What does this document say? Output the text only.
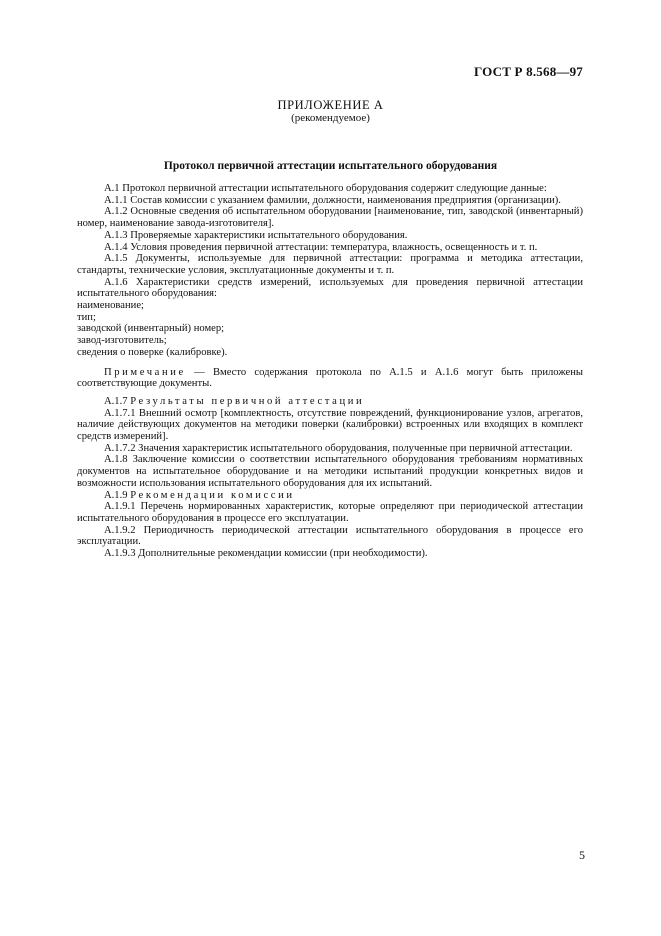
ГОСТ Р 8.568—97
ПРИЛОЖЕНИЕ А
(рекомендуемое)
Протокол первичной аттестации испытательного оборудования

А.1 Протокол первичной аттестации испытательного оборудования содержит следующие данные:

А.1.1 Состав комиссии с указанием фамилии, должности, наименования предприятия (организации).

А.1.2 Основные сведения об испытательном оборудовании [наименование, тип, заводской (инвентарный) номер, наименование завода-изготовителя].

А.1.3 Проверяемые характеристики испытательного оборудования.

А.1.4 Условия проведения первичной аттестации: температура, влажность, освещенность и т. п.

А.1.5 Документы, используемые для первичной аттестации: программа и методика аттестации, стандарты, технические условия, эксплуатационные документы и т. п.

А.1.6 Характеристики средств измерений, используемых для проведения первичной аттестации испытательного оборудования:

наименование;

тип;

заводской (инвентарный) номер;

завод-изготовитель;

сведения о поверке (калибровке).

Примечание — Вместо содержания протокола по А.1.5 и А.1.6 могут быть приложены соответствующие документы.

А.1.7 Результаты первичной аттестации

А.1.7.1 Внешний осмотр [комплектность, отсутствие повреждений, функционирование узлов, агрегатов, наличие действующих документов на методики поверки (калибровки) встроенных или входящих в комплект средств измерений].

А.1.7.2 Значения характеристик испытательного оборудования, полученные при первичной аттестации.

А.1.8 Заключение комиссии о соответствии испытательного оборудования требованиям нормативных документов на испытательное оборудование и на методики испытаний продукции конкретных видов и возможности использования испытательного оборудования для их испытаний.

А.1.9 Рекомендации комиссии

А.1.9.1 Перечень нормированных характеристик, которые определяют при периодической аттестации испытательного оборудования в процессе его эксплуатации.

А.1.9.2 Периодичность периодической аттестации испытательного оборудования в процессе его эксплуатации.

А.1.9.3 Дополнительные рекомендации комиссии (при необходимости).

5
